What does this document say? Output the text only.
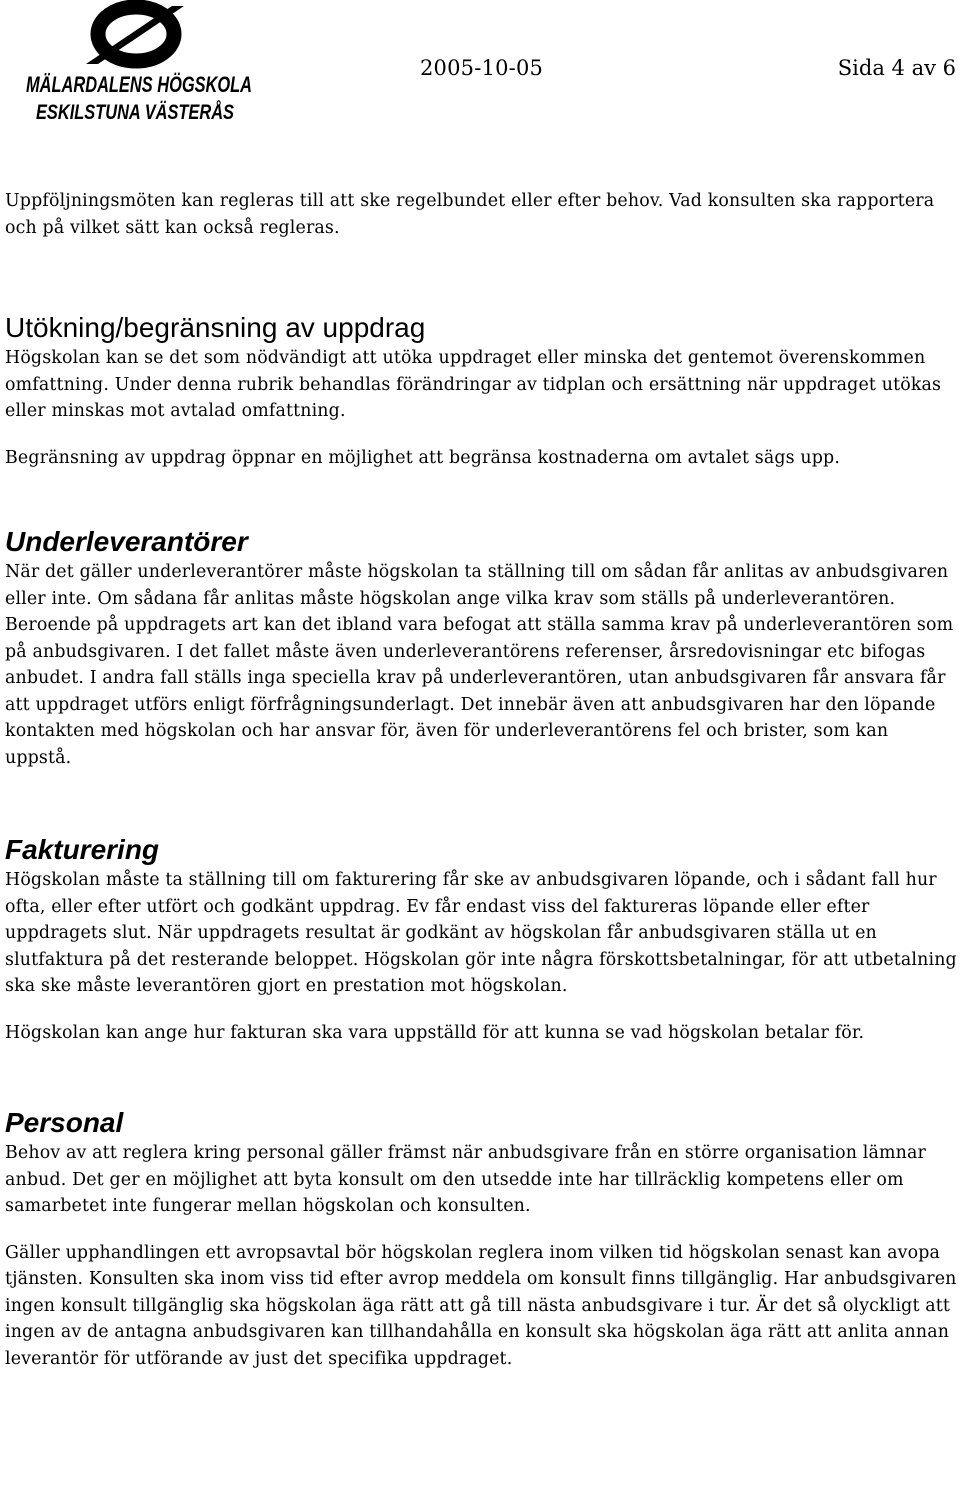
MÄLARDALENS HÖGSKOLA
ESKILSTUNA VÄSTERÅS
2005-10-05	Sida 4 av 6

Uppföljningsmöten kan regleras till att ske regelbundet eller efter behov. Vad konsulten ska rapportera och på vilket sätt kan också regleras.

Utökning/begränsning av uppdrag

Högskolan kan se det som nödvändigt att utöka uppdraget eller minska det gentemot överenskommen omfattning. Under denna rubrik behandlas förändringar av tidplan och ersättning när uppdraget utökas eller minskas mot avtalad omfattning.

Begränsning av uppdrag öppnar en möjlighet att begränsa kostnaderna om avtalet sägs upp.

Underleverantörer

När det gäller underleverantörer måste högskolan ta ställning till om sådan får anlitas av anbudsgivaren eller inte. Om sådana får anlitas måste högskolan ange vilka krav som ställs på underleverantören. Beroende på uppdragets art kan det ibland vara befogat att ställa samma krav på underleverantören som på anbudsgivaren. I det fallet måste även underleverantörens referenser, årsredovisningar etc bifogas anbudet. I andra fall ställs inga speciella krav på underleverantören, utan anbudsgivaren får ansvara får att uppdraget utförs enligt förfrågningsunderlagt. Det innebär även att anbudsgivaren har den löpande kontakten med högskolan och har ansvar för, även för underleverantörens fel och brister, som kan uppstå.

Fakturering

Högskolan måste ta ställning till om fakturering får ske av anbudsgivaren löpande, och i sådant fall hur ofta, eller efter utfört och godkänt uppdrag. Ev får endast viss del faktureras löpande eller efter uppdragets slut. När uppdragets resultat är godkänt av högskolan får anbudsgivaren ställa ut en slutfaktura på det resterande beloppet. Högskolan gör inte några förskottsbetalningar, för att utbetalning ska ske måste leverantören gjort en prestation mot högskolan.

Högskolan kan ange hur fakturan ska vara uppställd för att kunna se vad högskolan betalar för.

Personal

Behov av att reglera kring personal gäller främst när anbudsgivare från en större organisation lämnar anbud. Det ger en möjlighet att byta konsult om den utsedde inte har tillräcklig kompetens eller om samarbetet inte fungerar mellan högskolan och konsulten.

Gäller upphandlingen ett avropsavtal bör högskolan reglera inom vilken tid högskolan senast kan avopa tjänsten. Konsulten ska inom viss tid efter avrop meddela om konsult finns tillgänglig. Har anbudsgivaren ingen konsult tillgänglig ska högskolan äga rätt att gå till nästa anbudsgivare i tur. Är det så olyckligt att ingen av de antagna anbudsgivaren kan tillhandahålla en konsult ska högskolan äga rätt att anlita annan leverantör för utförande av just det specifika uppdraget.
